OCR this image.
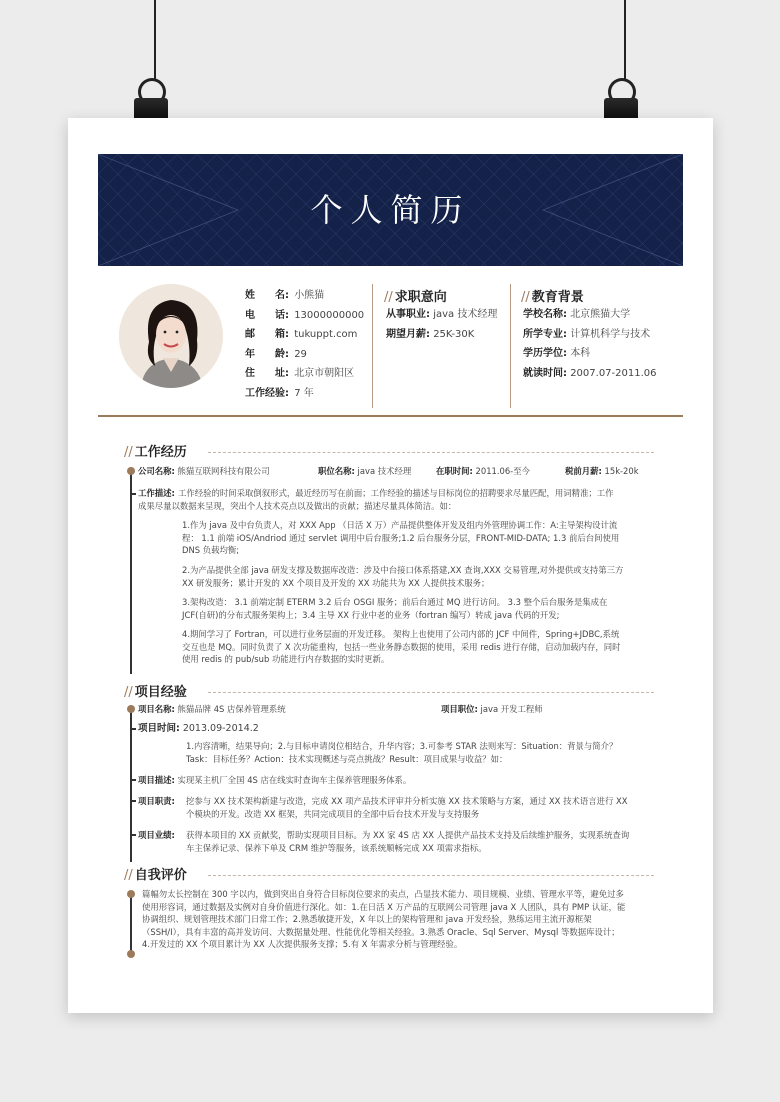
个人简历
姓　　名: 小熊猫
电　　话: 13000000000
邮　　箱: tukuppt.com
年　　龄: 29
住　　址: 北京市朝阳区
工作经验: 7 年
// 求职意向
从事职业: java 技术经理
期望月薪: 25K-30K
// 教育背景
学校名称: 北京熊猫大学
所学专业: 计算机科学与技术
学历学位: 本科
就读时间: 2007.07-2011.06
// 工作经历
公司名称: 熊猫互联网科技有限公司	职位名称: java 技术经理	在职时间: 2011.06-至今	税前月薪: 15k-20k
工作描述: 工作经验的时间采取倒叙形式，最近经历写在前面；工作经验的描述与目标岗位的招聘要求尽量匹配，用词精准；工作
成果尽量以数据来呈现，突出个人技术亮点以及做出的贡献；描述尽量具体简洁。如：
1.作为 java 及中台负责人，对 XXX App （日活 X 万）产品提供整体开发及组内外管理协调工作：A:主导架构设计流
程： 1.1 前端 iOS/Andriod 通过 servlet 调用中后台服务;1.2 后台服务分层，FRONT-MID-DATA; 1.3 前后台间使用
DNS 负载均衡;
2.为产品提供全部 java 研发支撑及数据库改造：涉及中台接口体系搭建,XX 查询,XXX 交易管理,对外提供或支持第三方
XX 研发服务；累计开发的 XX 个项目及开发的 XX 功能共为 XX 人提供技术服务；
3.架构改造： 3.1 前端定制 ETERM 3.2 后台 OSGI 服务；前后台通过 MQ 进行访问。 3.3 整个后台服务是集成在
JCF(自研)的分布式服务架构上；3.4 主导 XX 行业中老的业务（fortran 编写）转成 java 代码的开发;
4.期间学习了 Fortran，可以进行业务层面的开发迁移。 架构上也使用了公司内部的 JCF 中间件，Spring+JDBC,系统
交互也是 MQ。同时负责了 X 次功能重构，包括一些业务静态数据的使用，采用 redis 进行存储，启动加载内存，同时
使用 redis 的 pub/sub 功能进行内存数据的实时更新。
// 项目经验
项目名称: 熊猫品牌 4S 店保养管理系统	项目职位: java 开发工程师
项目时间: 2013.09-2014.2
1.内容清晰，结果导向；2.与目标申请岗位相结合，升华内容；3.可参考 STAR 法则来写：Situation：背景与简介？
Task：目标任务？Action：技术实现概述与亮点挑战？Result：项目成果与收益？如：
项目描述: 实现某主机厂全国 4S 店在线实时查询车主保养管理服务体系。
项目职责: 挖参与 XX 技术架构新建与改造，完成 XX 项产品技术评审并分析实施 XX 技术策略与方案，通过 XX 技术语言进行 XX
个模块的开发。改造 XX 框架，共同完成项目的全部中后台技术开发与支持服务
项目业绩: 获得本项目的 XX 贡献奖，帮助实现项目目标。为 XX 家 4S 店 XX 人提供产品技术支持及后续维护服务，实现系统查询
车主保养记录、保养下单及 CRM 维护等服务，该系统顺畅完成 XX 项需求指标。
// 自我评价
篇幅勿太长控制在 300 字以内，做到突出自身符合目标岗位要求的卖点，凸显技术能力、项目规模、业绩、管理水平等，避免过多
使用形容词，通过数据及实例对自身价值进行深化。如：1.在日活 X 万产品的互联网公司管理 java X 人团队，具有 PMP 认证，能
协调组织、规划管理技术部门日常工作；2.熟悉敏捷开发，X 年以上的架构管理和 java 开发经验，熟练运用主流开源框架
（SSH/I），具有丰富的高并发访问、大数据量处理、性能优化等相关经验。3.熟悉 Oracle、Sql Server、Mysql 等数据库设计；
4.开发过的 XX 个项目累计为 XX 人次提供服务支撑；5.有 X 年需求分析与管理经验。
